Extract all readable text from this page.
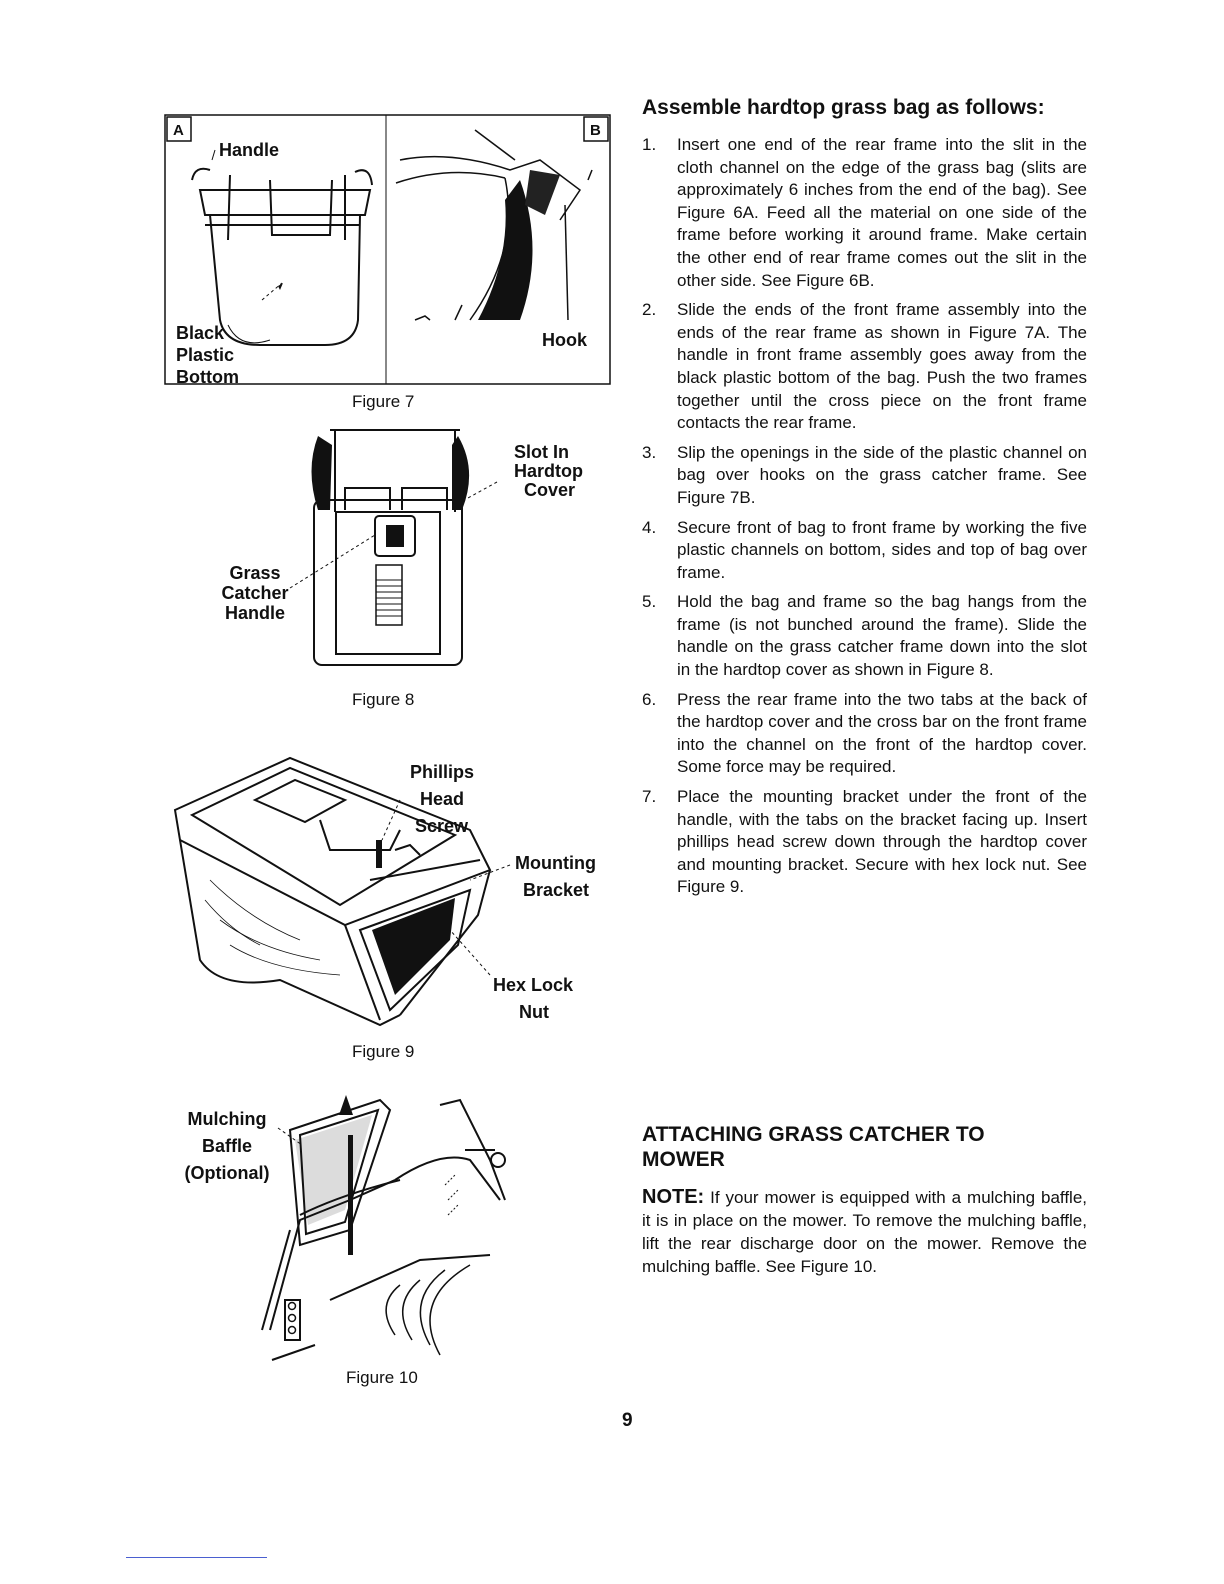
A	B
Handle
Black
Plastic
Bottom
Hook
Figure 7
Slot In
Hardtop
Cover
Grass
Catcher
Handle
Figure 8
Phillips
Head
Screw
Mounting
Bracket
Hex Lock
Nut
Figure 9
Mulching
Baffle
(Optional)
Figure 10
Assemble hardtop grass bag as follows:
1. Insert one end of the rear frame into the slit in the cloth channel on the edge of the grass bag (slits are approximately 6 inches from the end of the bag). See Figure 6A. Feed all the material on one side of the frame before working it around frame. Make certain the other end of rear frame comes out the slit in the other side. See Figure 6B.
2. Slide the ends of the front frame assembly into the ends of the rear frame as shown in Figure 7A. The handle in front frame assembly goes away from the black plastic bottom of the bag. Push the two frames together until the cross piece on the front frame contacts the rear frame.
3. Slip the openings in the side of the plastic channel on bag over hooks on the grass catcher frame. See Figure 7B.
4. Secure front of bag to front frame by working the five plastic channels on bottom, sides and top of bag over frame.
5. Hold the bag and frame so the bag hangs from the frame (is not bunched around the frame). Slide the handle on the grass catcher frame down into the slot in the hardtop cover as shown in Figure 8.
6. Press the rear frame into the two tabs at the back of the hardtop cover and the cross bar on the front frame into the channel on the front of the hardtop cover. Some force may be required.
7. Place the mounting bracket under the front of the handle, with the tabs on the bracket facing up. Insert phillips head screw down through the hardtop cover and mounting bracket. Secure with hex lock nut. See Figure 9.
ATTACHING GRASS CATCHER TO
MOWER

NOTE: If your mower is equipped with a mulching baffle, it is in place on the mower. To remove the mulching baffle, lift the rear discharge door on the mower. Remove the mulching baffle. See Figure 10.

9
